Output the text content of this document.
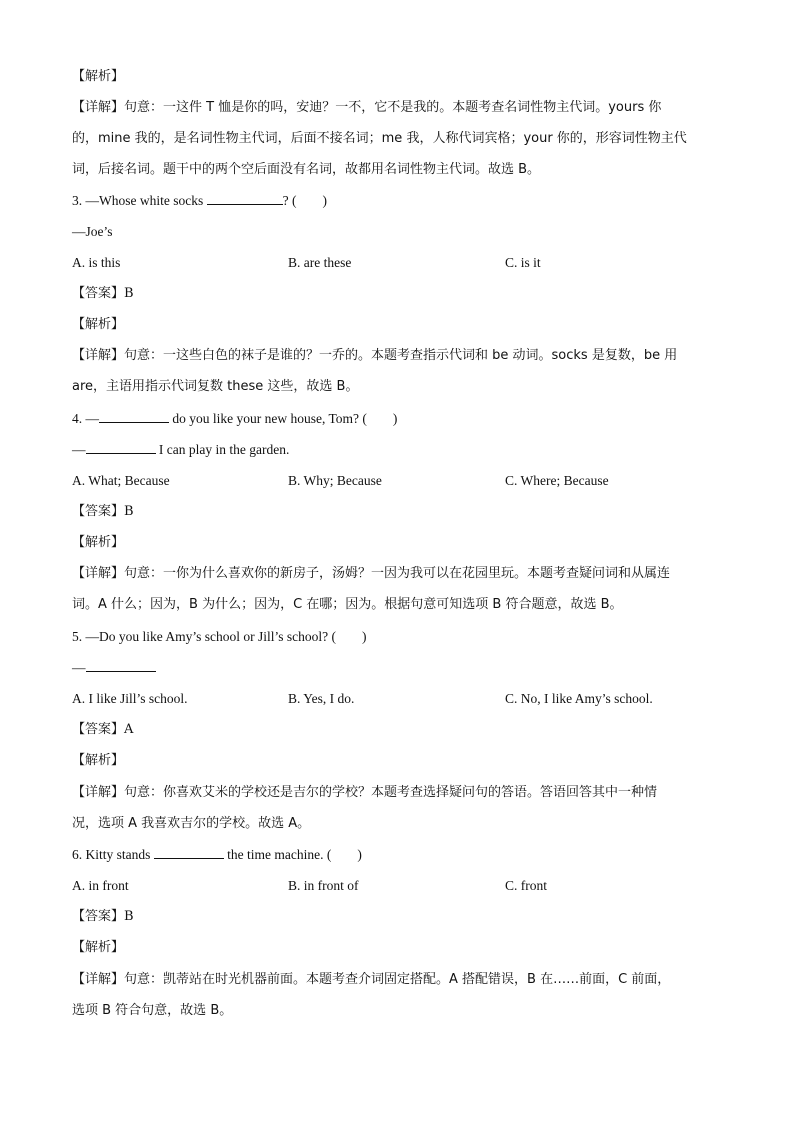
【解析】
【详解】句意：一这件 T 恤是你的吗，安迪？一不，它不是我的。本题考查名词性物主代词。yours 你
的，mine 我的，是名词性物主代词，后面不接名词；me 我，人称代词宾格；your 你的，形容词性物主代
词，后接名词。题干中的两个空后面没有名词，故都用名词性物主代词。故选 B。
3. —Whose white socks	? ( )
—Joe’s
A. is this	B. are these	C. is it
【答案】B
【解析】
【详解】句意：一这些白色的袜子是谁的？一乔的。本题考查指示代词和 be 动词。socks 是复数，be 用
are，主语用指示代词复数 these 这些，故选 B。
4. —	do you like your new house, Tom? ( )
—	I can play in the garden.
A. What; Because	B. Why; Because	C. Where; Because
【答案】B
【解析】
【详解】句意：一你为什么喜欢你的新房子，汤姆？一因为我可以在花园里玩。本题考查疑问词和从属连
词。A 什么；因为，B 为什么；因为，C 在哪；因为。根据句意可知选项 B 符合题意，故选 B。
5. —Do you like Amy’s school or Jill’s school? ( )
—
A. I like Jill’s school.	B. Yes, I do.	C. No, I like Amy’s school.
【答案】A
【解析】
【详解】句意：你喜欢艾米的学校还是吉尔的学校？本题考查选择疑问句的答语。答语回答其中一种情
况，选项 A 我喜欢吉尔的学校。故选 A。
6. Kitty stands	the time machine. ( )
A. in front	B. in front of	C. front
【答案】B
【解析】
【详解】句意：凯蒂站在时光机器前面。本题考查介词固定搭配。A 搭配错误，B 在……前面，C 前面，
选项 B 符合句意，故选 B。
